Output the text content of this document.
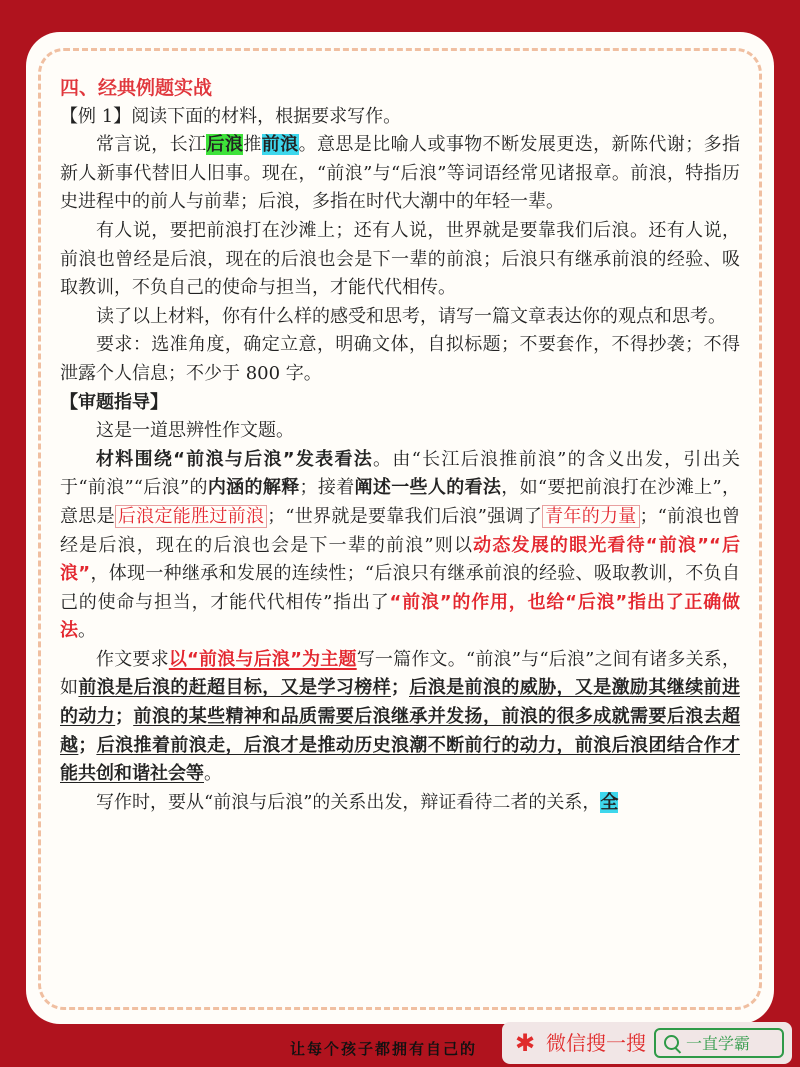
四、经典例题实战

【例 1】阅读下面的材料，根据要求写作。

常言说，长江后浪推前浪。意思是比喻人或事物不断发展更迭，新陈代谢；多指新人新事代替旧人旧事。现在，“前浪”与“后浪”等词语经常见诸报章。前浪，特指历史进程中的前人与前辈；后浪，多指在时代大潮中的年轻一辈。

有人说，要把前浪打在沙滩上；还有人说，世界就是要靠我们后浪。还有人说，前浪也曾经是后浪，现在的后浪也会是下一辈的前浪；后浪只有继承前浪的经验、吸取教训，不负自己的使命与担当，才能代代相传。

读了以上材料，你有什么样的感受和思考，请写一篇文章表达你的观点和思考。

要求：选准角度，确定立意，明确文体，自拟标题；不要套作，不得抄袭；不得泄露个人信息；不少于 800 字。

【审题指导】

这是一道思辨性作文题。

材料围绕“前浪与后浪”发表看法。由“长江后浪推前浪”的含义出发，引出关于“前浪”“后浪”的内涵的解释；接着阐述一些人的看法，如“要把前浪打在沙滩上”，意思是 后浪定能胜过前浪 ；“世界就是要靠我们后浪”强调了 青年的力量 ；“前浪也曾经是后浪，现在的后浪也会是下一辈的前浪”则以动态发展的眼光看待“前浪”“后浪”，体现一种继承和发展的连续性；“后浪只有继承前浪的经验、吸取教训，不负自己的使命与担当，才能代代相传”指出了“前浪”的作用，也给“后浪”指出了正确做法。

作文要求以“前浪与后浪”为主题写一篇作文。“前浪”与“后浪”之间有诸多关系，如前浪是后浪的赶超目标，又是学习榜样；后浪是前浪的威胁，又是激励其继续前进的动力；前浪的某些精神和品质需要后浪继承并发扬，前浪的很多成就需要后浪去超越；后浪推着前浪走，后浪才是推动历史浪潮不断前行的动力，前浪后浪团结合作才能共创和谐社会等。

写作时，要从“前浪与后浪”的关系出发，辩证看待二者的关系，全

让每个孩子都拥有自己的 ✱ 微信搜一搜	一直学霸
